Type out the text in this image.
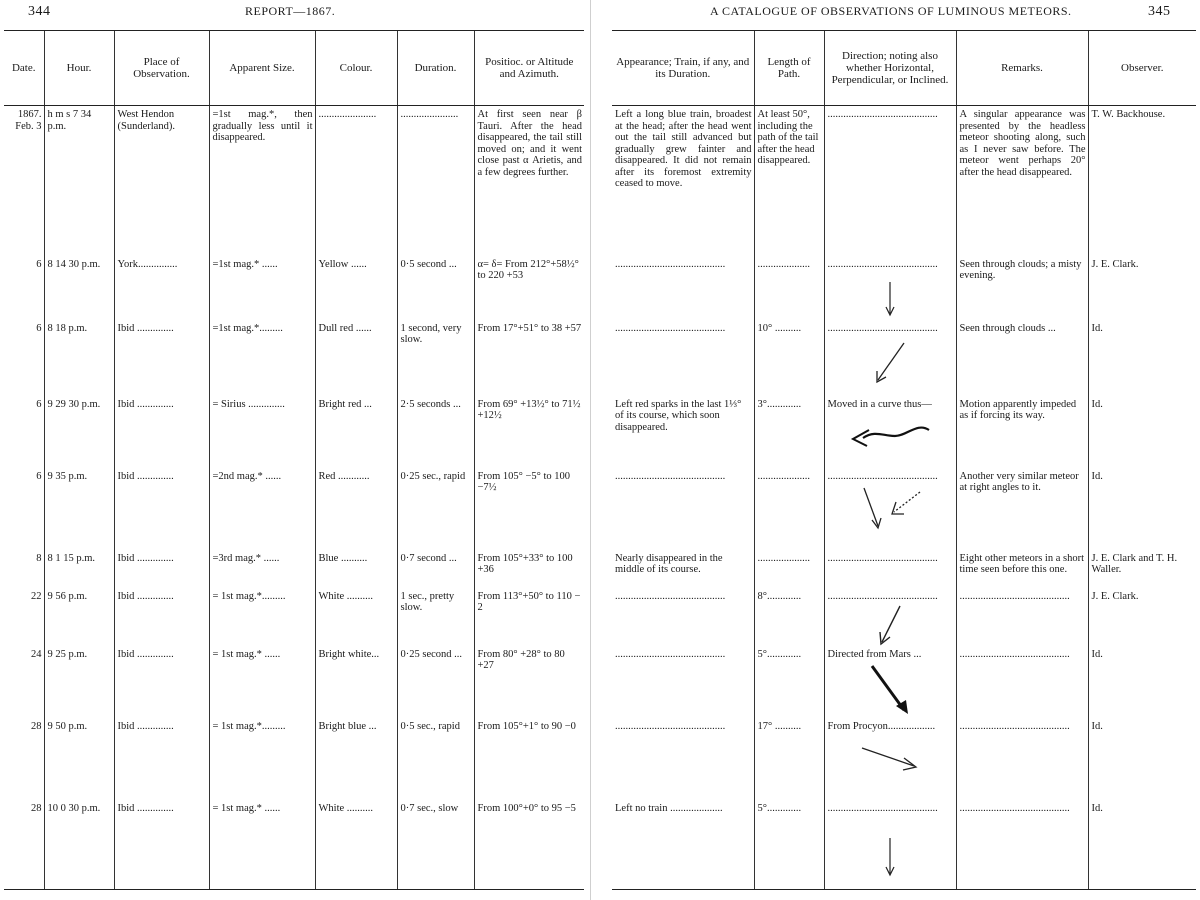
344	REPORT—1867.
Date.	Hour.	Place of Observation.	Apparent Size.	Colour.	Duration.	Positioc. or Altitude and Azimuth.
1867. Feb. 3	h m s 7 34 p.m.	West Hendon (Sunderland).	=1st mag.*, then gradually less until it disappeared.	......................	......................	At first seen near β Tauri. After the head disappeared, the tail still moved on; and it went close past α Arietis, and a few degrees further.
6	8 14 30 p.m.	York...............	=1st mag.* ......	Yellow ......	0·5 second ...	α= δ= From 212°+58½° to 220 +53
6	8 18 p.m.	Ibid ..............	=1st mag.*.........	Dull red ......	1 second, very slow.	From 17°+51° to 38 +57
6	9 29 30 p.m.	Ibid ..............	= Sirius ..............	Bright red ...	2·5 seconds ...	From 69° +13½° to 71½ +12½
6	9 35 p.m.	Ibid ..............	=2nd mag.* ......	Red ............	0·25 sec., rapid	From 105° −5° to 100 −7½
8	8 1 15 p.m.	Ibid ..............	=3rd mag.* ......	Blue ..........	0·7 second ...	From 105°+33° to 100 +36
22	9 56 p.m.	Ibid ..............	= 1st mag.*.........	White ..........	1 sec., pretty slow.	From 113°+50° to 110 − 2
24	9 25 p.m.	Ibid ..............	= 1st mag.* ......	Bright white...	0·25 second ...	From 80° +28° to 80 +27
28	9 50 p.m.	Ibid ..............	= 1st mag.*.........	Bright blue ...	0·5 sec., rapid	From 105°+1° to 90 −0
28	10 0 30 p.m.	Ibid ..............	= 1st mag.* ......	White ..........	0·7 sec., slow	From 100°+0° to 95 −5
A CATALOGUE OF OBSERVATIONS OF LUMINOUS METEORS.	345
Appearance; Train, if any, and its Duration.	Length of Path.	Direction; noting also whether Horizontal, Perpendicular, or Inclined.	Remarks.	Observer.
Left a long blue train, broadest at the head; after the head went out the tail still advanced but gradually grew fainter and disappeared. It did not remain after its foremost extremity ceased to move.	At least 50°, including the path of the tail after the head disappeared.	..........................................	A singular appearance was presented by the headless meteor shooting along, such as I never saw before. The meteor went perhaps 20° after the head disappeared.	T. W. Backhouse.
..........................................	....................	..........................................	Seen through clouds; a misty evening.	J. E. Clark.
..........................................	10° ..........	..........................................	Seen through clouds ...	Id.
Left red sparks in the last 1⅓° of its course, which soon disappeared.	3°.............	Moved in a curve thus—	Motion apparently impeded as if forcing its way.	Id.
..........................................	....................	..........................................	Another very similar meteor at right angles to it.	Id.
Nearly disappeared in the middle of its course.	....................	..........................................	Eight other meteors in a short time seen before this one.	J. E. Clark and T. H. Waller.
..........................................	8°.............	..........................................	..........................................	J. E. Clark.
..........................................	5°.............	Directed from Mars ...	..........................................	Id.
..........................................	17° ..........	From Procyon..................	..........................................	Id.
Left no train ....................	5°.............	..........................................	..........................................	Id.
